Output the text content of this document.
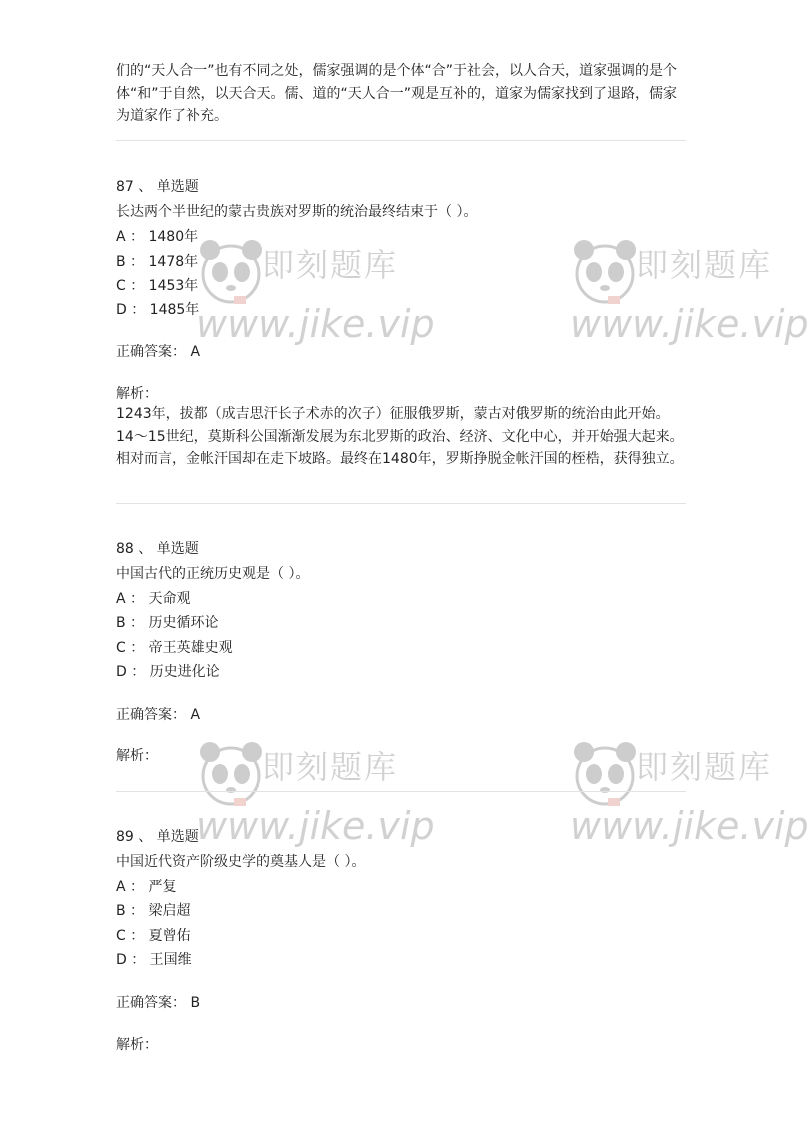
即刻题库
www.jike.vip
即刻题库
www.jike.vip
即刻题库
www.jike.vip
即刻题库
www.jike.vip

们的“天人合一”也有不同之处，儒家强调的是个体“合”于社会，以人合天，道家强调的是个体“和”于自然，以天合天。儒、道的“天人合一”观是互补的，道家为儒家找到了退路，儒家为道家作了补充。

87 、 单选题

长达两个半世纪的蒙古贵族对罗斯的统治最终结束于（ ）。

A ： 1480年

B ： 1478年

C ： 1453年

D ： 1485年

正确答案： A

解析：

1243年，拔都（成吉思汗长子术赤的次子）征服俄罗斯，蒙古对俄罗斯的统治由此开始。14～15世纪，莫斯科公国渐渐发展为东北罗斯的政治、经济、文化中心，并开始强大起来。相对而言，金帐汗国却在走下坡路。最终在1480年，罗斯挣脱金帐汗国的桎梏，获得独立。

88 、 单选题

中国古代的正统历史观是（ ）。

A ： 天命观

B ： 历史循环论

C ： 帝王英雄史观

D ： 历史进化论

正确答案： A

解析：

89 、 单选题

中国近代资产阶级史学的奠基人是（ ）。

A ： 严复

B ： 梁启超

C ： 夏曾佑

D ： 王国维

正确答案： B

解析：
